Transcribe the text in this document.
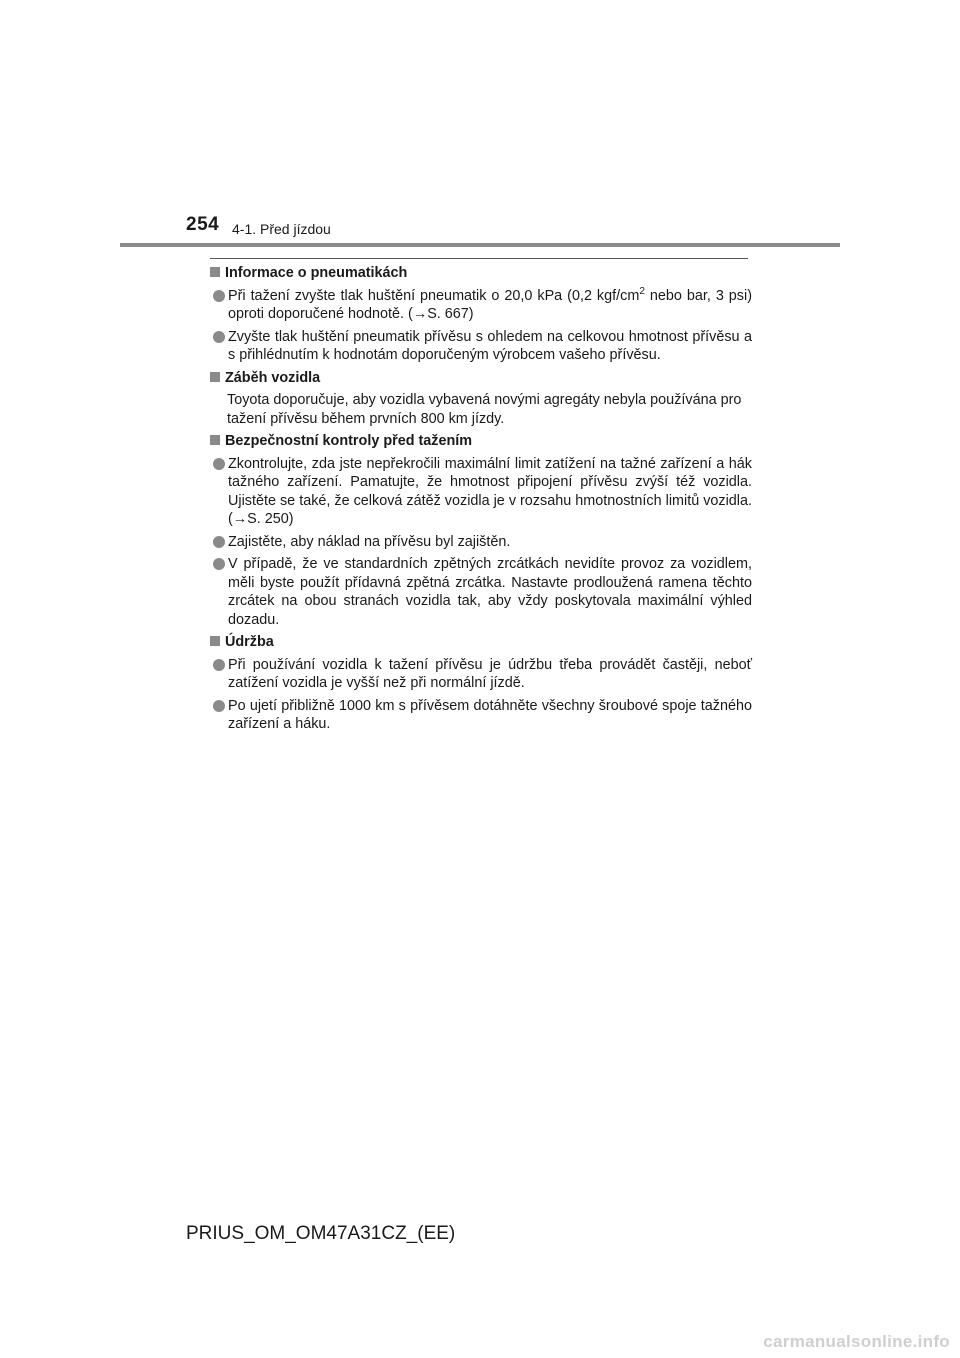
254 4-1. Před jízdou
Informace o pneumatikách
Při tažení zvyšte tlak huštění pneumatik o 20,0 kPa (0,2 kgf/$cm^2$ nebo bar, 3 psi) oproti doporučené hodnotě. (→S. 667)
Zvyšte tlak huštění pneumatik přívěsu s ohledem na celkovou hmotnost přívěsu a s přihlédnutím k hodnotám doporučeným výrobcem vašeho přívěsu.
Záběh vozidla
Toyota doporučuje, aby vozidla vybavená novými agregáty nebyla používána pro tažení přívěsu během prvních 800 km jízdy.
Bezpečnostní kontroly před tažením
Zkontrolujte, zda jste nepřekročili maximální limit zatížení na tažné zařízení a hák tažného zařízení. Pamatujte, že hmotnost připojení přívěsu zvýší též vozidla. Ujistěte se také, že celková zátěž vozidla je v rozsahu hmotnostních limitů vozidla. (→S. 250)
Zajistěte, aby náklad na přívěsu byl zajištěn.
V případě, že ve standardních zpětných zrcátkách nevidíte provoz za vozidlem, měli byste použít přídavná zpětná zrcátka. Nastavte prodloužená ramena těchto zrcátek na obou stranách vozidla tak, aby vždy poskytovala maximální výhled dozadu.
Údržba
Při používání vozidla k tažení přívěsu je údržbu třeba provádět častěji, neboť zatížení vozidla je vyšší než při normální jízdě.
Po ujetí přibližně 1000 km s přívěsem dotáhněte všechny šroubové spoje tažného zařízení a háku.
PRIUS_OM_OM47A31CZ_(EE)
carmanualsonline.info
